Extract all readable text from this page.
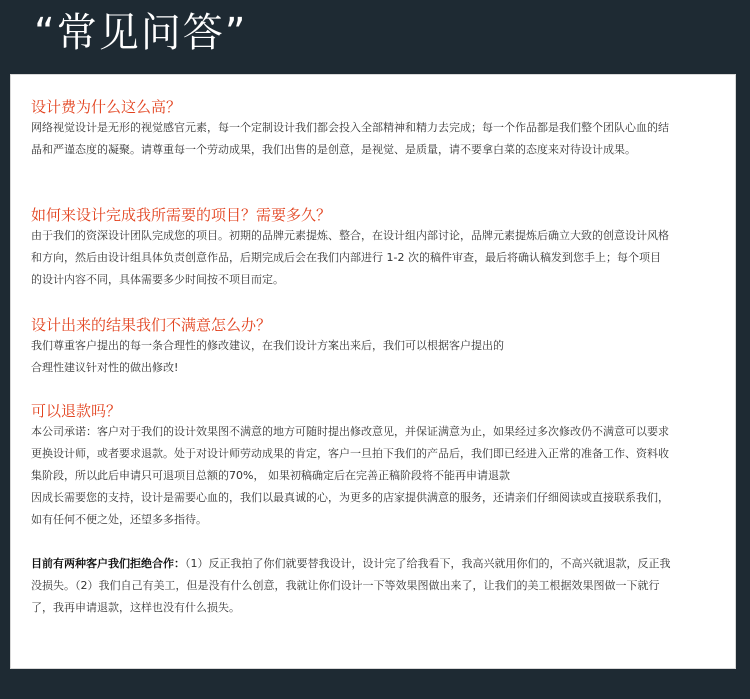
“常见问答”
设计费为什么这么高？
网络视觉设计是无形的视觉感官元素，每一个定制设计我们都会投入全部精神和精力去完成；每一个作品都是我们整个团队心血的结晶和严谨态度的凝聚。请尊重每一个劳动成果，我们出售的是创意，是视觉、是质量，请不要拿白菜的态度来对待设计成果。
如何来设计完成我所需要的项目？需要多久？
由于我们的资深设计团队完成您的项目。初期的品牌元素提炼、整合，在设计组内部讨论，品牌元素提炼后确立大致的创意设计风格和方向，然后由设计组具体负责创意作品，后期完成后会在我们内部进行 1-2 次的稿件审查，最后将确认稿发到您手上；每个项目的设计内容不同，具体需要多少时间按不项目而定。
设计出来的结果我们不满意怎么办？

我们尊重客户提出的每一条合理性的修改建议，在我们设计方案出来后，我们可以根据客户提出的

合理性建议针对性的做出修改!

可以退款吗？

本公司承诺：客户对于我们的设计效果图不满意的地方可随时提出修改意见，并保证满意为止，如果经过多次修改仍不满意可以要求更换设计师，或者要求退款。处于对设计师劳动成果的肯定，客户一旦拍下我们的产品后，我们即已经进入正常的准备工作、资料收集阶段，所以此后申请只可退项目总额的70%， 如果初稿确定后在完善正稿阶段将不能再申请退款

因成长需要您的支持，设计是需要心血的，我们以最真诚的心，为更多的店家提供满意的服务，还请亲们仔细阅读或直接联系我们，如有任何不便之处，还望多多指待。

目前有两种客户我们拒绝合作：（1）反正我拍了你们就要替我设计，设计完了给我看下，我高兴就用你们的，不高兴就退款，反正我没损失。（2）我们自己有美工，但是没有什么创意，我就让你们设计一下等效果图做出来了，让我们的美工根据效果图做一下就行了，我再申请退款，这样也没有什么损失。
